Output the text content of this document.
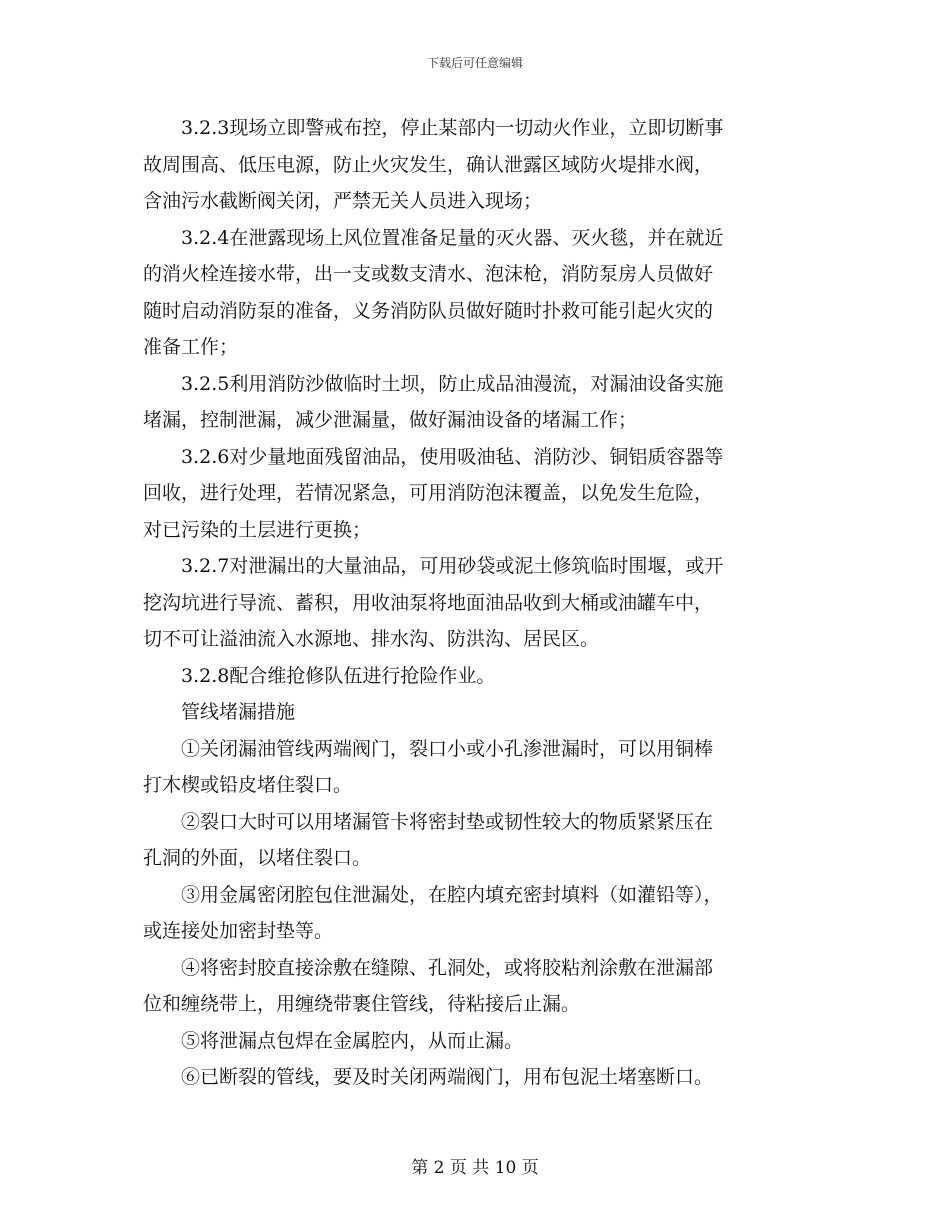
下载后可任意编辑
　　3.2.3现场立即警戒布控，停止某部内一切动火作业，立即切断事
故周围高、低压电源，防止火灾发生，确认泄露区域防火堤排水阀，
含油污水截断阀关闭，严禁无关人员进入现场；
　　3.2.4在泄露现场上风位置准备足量的灭火器、灭火毯，并在就近
的消火栓连接水带，出一支或数支清水、泡沫枪，消防泵房人员做好
随时启动消防泵的准备，义务消防队员做好随时扑救可能引起火灾的
准备工作；
　　3.2.5利用消防沙做临时土坝，防止成品油漫流，对漏油设备实施
堵漏，控制泄漏，减少泄漏量，做好漏油设备的堵漏工作；
　　3.2.6对少量地面残留油品，使用吸油毡、消防沙、铜铝质容器等
回收，进行处理，若情况紧急，可用消防泡沫覆盖，以免发生危险，
对已污染的土层进行更换；
　　3.2.7对泄漏出的大量油品，可用砂袋或泥土修筑临时围堰，或开
挖沟坑进行导流、蓄积，用收油泵将地面油品收到大桶或油罐车中，
切不可让溢油流入水源地、排水沟、防洪沟、居民区。
　　3.2.8配合维抢修队伍进行抢险作业。
　　管线堵漏措施
　　①关闭漏油管线两端阀门，裂口小或小孔渗泄漏时，可以用铜棒
打木楔或铅皮堵住裂口。
　　②裂口大时可以用堵漏管卡将密封垫或韧性较大的物质紧紧压在
孔洞的外面，以堵住裂口。
　　③用金属密闭腔包住泄漏处，在腔内填充密封填料（如灌铅等），
或连接处加密封垫等。
　　④将密封胶直接涂敷在缝隙、孔洞处，或将胶粘剂涂敷在泄漏部
位和缠绕带上，用缠绕带裹住管线，待粘接后止漏。
　　⑤将泄漏点包焊在金属腔内，从而止漏。
　　⑥已断裂的管线，要及时关闭两端阀门，用布包泥土堵塞断口。
第 2 页 共 10 页
